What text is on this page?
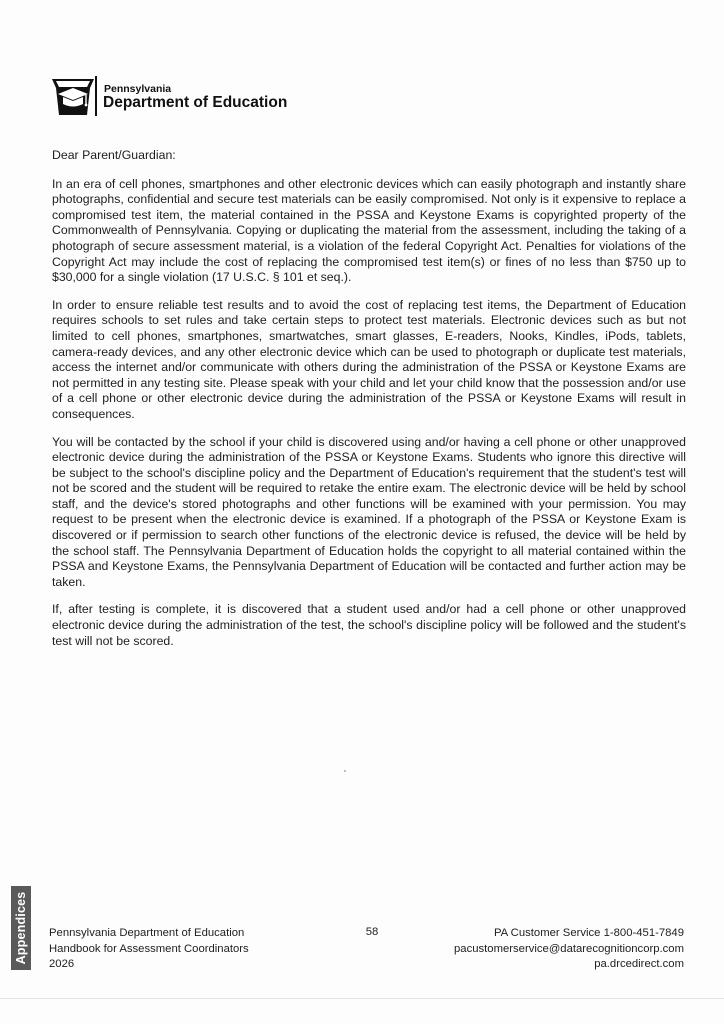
Pennsylvania
Department of Education

Dear Parent/Guardian:

In an era of cell phones, smartphones and other electronic devices which can easily photograph and instantly share photographs, confidential and secure test materials can be easily compromised. Not only is it expensive to replace a compromised test item, the material contained in the PSSA and Keystone Exams is copyrighted property of the Commonwealth of Pennsylvania. Copying or duplicating the material from the assessment, including the taking of a photograph of secure assessment material, is a violation of the federal Copyright Act. Penalties for violations of the Copyright Act may include the cost of replacing the compromised test item(s) or fines of no less than $750 up to $30,000 for a single violation (17 U.S.C. § 101 et seq.).

In order to ensure reliable test results and to avoid the cost of replacing test items, the Department of Education requires schools to set rules and take certain steps to protect test materials. Electronic devices such as but not limited to cell phones, smartphones, smartwatches, smart glasses, E-readers, Nooks, Kindles, iPods, tablets, camera-ready devices, and any other electronic device which can be used to photograph or duplicate test materials, access the internet and/or communicate with others during the administration of the PSSA or Keystone Exams are not permitted in any testing site. Please speak with your child and let your child know that the possession and/or use of a cell phone or other electronic device during the administration of the PSSA or Keystone Exams will result in consequences.

You will be contacted by the school if your child is discovered using and/or having a cell phone or other unapproved electronic device during the administration of the PSSA or Keystone Exams. Students who ignore this directive will be subject to the school's discipline policy and the Department of Education's requirement that the student's test will not be scored and the student will be required to retake the entire exam. The electronic device will be held by school staff, and the device's stored photographs and other functions will be examined with your permission. You may request to be present when the electronic device is examined. If a photograph of the PSSA or Keystone Exam is discovered or if permission to search other functions of the electronic device is refused, the device will be held by the school staff. The Pennsylvania Department of Education holds the copyright to all material contained within the PSSA and Keystone Exams, the Pennsylvania Department of Education will be contacted and further action may be taken.

If, after testing is complete, it is discovered that a student used and/or had a cell phone or other unapproved electronic device during the administration of the test, the school's discipline policy will be followed and the student's test will not be scored.

Appendices Pennsylvania Department of Education
Handbook for Assessment Coordinators
2026
58	PA Customer Service 1-800-451-7849
pacustomerservice@datarecognitioncorp.com
pa.drcedirect.com
